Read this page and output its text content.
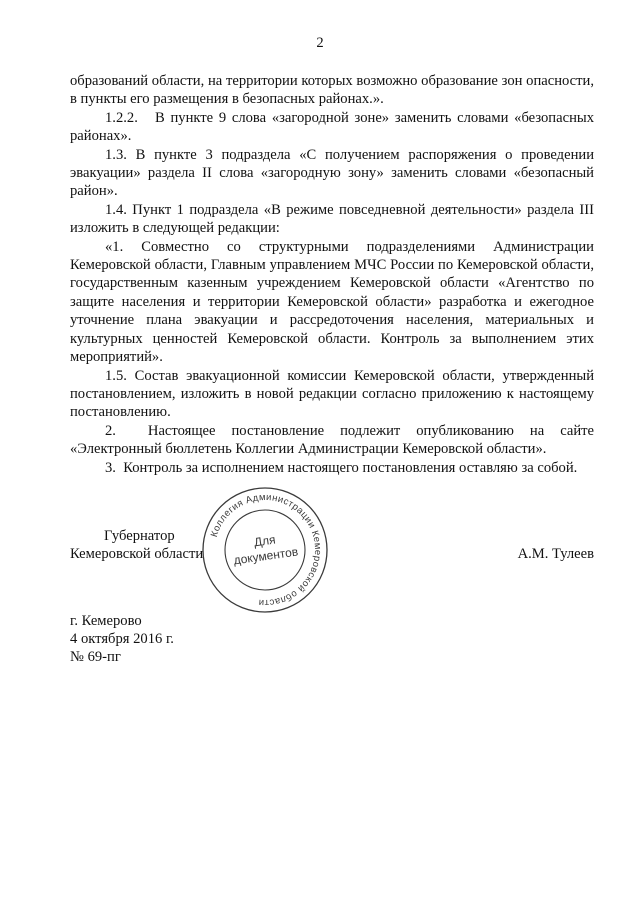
2

образований области, на территории которых возможно образование зон опасности, в пункты его размещения в безопасных районах.».

1.2.2.   В пункте 9 слова «загородной зоне» заменить словами «безопасных районах».

1.3. В пункте 3 подраздела «С получением распоряжения о проведении эвакуации» раздела II слова «загородную зону» заменить словами «безопасный район».

1.4. Пункт 1 подраздела «В режиме повседневной деятельности» раздела III изложить в следующей редакции:

«1. Совместно со структурными подразделениями Администрации Кемеровской области, Главным управлением МЧС России по Кемеровской области, государственным казенным учреждением Кемеровской области «Агентство по защите населения и территории Кемеровской области» разработка и ежегодное уточнение плана эвакуации и рассредоточения населения, материальных и культурных ценностей Кемеровской области. Контроль за выполнением этих мероприятий».

1.5. Состав эвакуационной комиссии Кемеровской области, утвержденный постановлением, изложить в новой редакции согласно приложению к настоящему постановлению.

2.  Настоящее постановление подлежит опубликованию на сайте «Электронный бюллетень Коллегии Администрации Кемеровской области».

3.  Контроль за исполнением настоящего постановления оставляю за собой.

Коллегия Администрации Кемеровской области
Для
документов
Губернатор
Кемеровской области	А.М. Тулеев
г. Кемерово
4 октября 2016 г.
№ 69-пг
